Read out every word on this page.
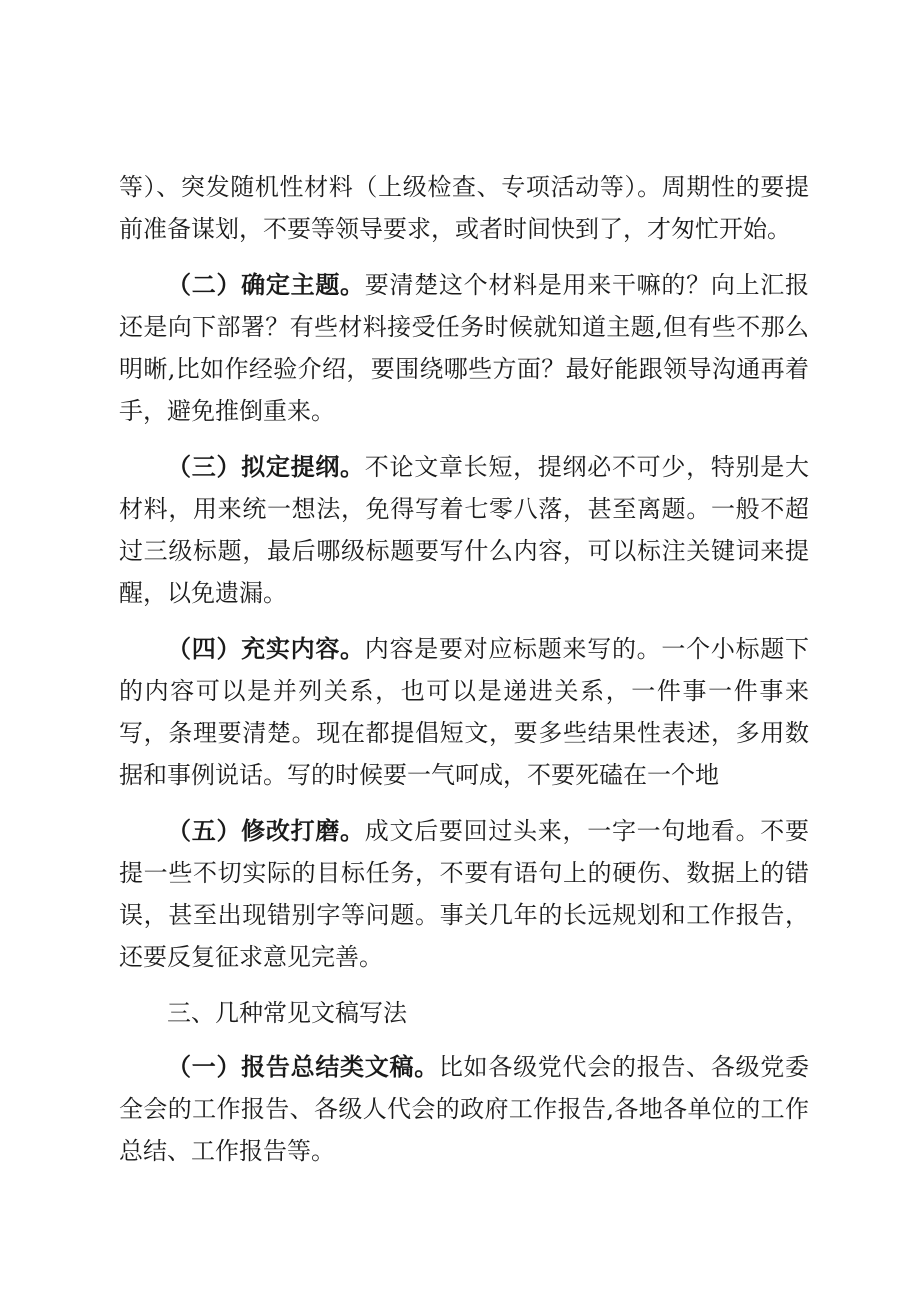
等）、突发随机性材料（上级检查、专项活动等）。周期性的要提前准备谋划，不要等领导要求，或者时间快到了，才匆忙开始。

（二）确定主题。要清楚这个材料是用来干嘛的？向上汇报还是向下部署？有些材料接受任务时候就知道主题,但有些不那么明晰,比如作经验介绍，要围绕哪些方面？最好能跟领导沟通再着手，避免推倒重来。

（三）拟定提纲。不论文章长短，提纲必不可少，特别是大材料，用来统一想法，免得写着七零八落，甚至离题。一般不超过三级标题，最后哪级标题要写什么内容，可以标注关键词来提醒，以免遗漏。

（四）充实内容。内容是要对应标题来写的。一个小标题下的内容可以是并列关系，也可以是递进关系，一件事一件事来写，条理要清楚。现在都提倡短文，要多些结果性表述，多用数据和事例说话。写的时候要一气呵成，不要死磕在一个地

（五）修改打磨。成文后要回过头来，一字一句地看。不要提一些不切实际的目标任务，不要有语句上的硬伤、数据上的错误，甚至出现错别字等问题。事关几年的长远规划和工作报告，还要反复征求意见完善。

三、几种常见文稿写法

（一）报告总结类文稿。比如各级党代会的报告、各级党委全会的工作报告、各级人代会的政府工作报告,各地各单位的工作总结、工作报告等。
